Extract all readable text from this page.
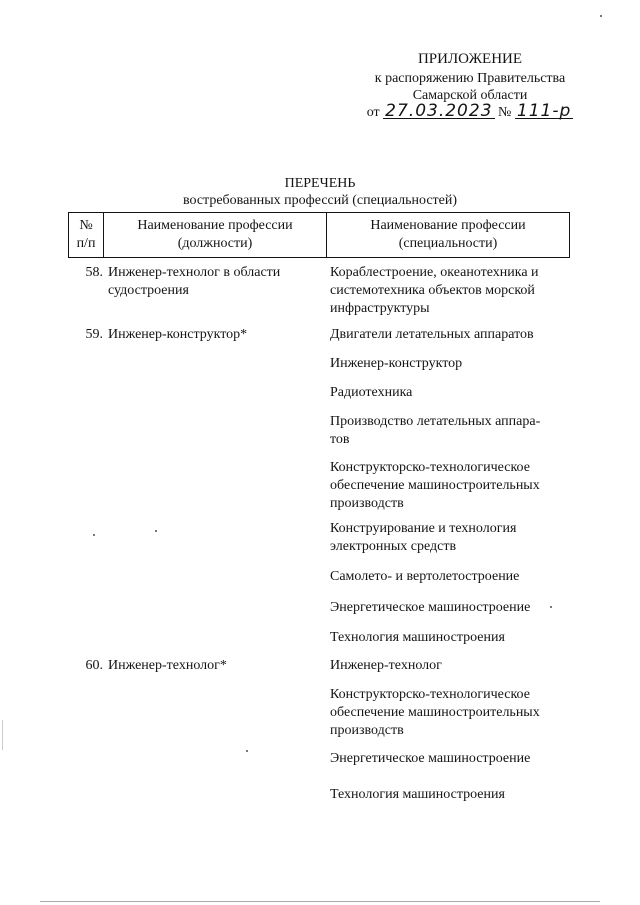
ПРИЛОЖЕНИЕ
к распоряжению Правительства
Самарской области
от 27.03.2023 № 111-р
ПЕРЕЧЕНЬ
востребованных профессий (специальностей)
№
п/п
Наименование профессии
(должности)
Наименование профессии
(специальности)
58. Инженер-технолог в области
судостроения
Кораблестроение, океанотехника и
системотехника объектов морской
инфраструктуры
59. Инженер-конструктор*	Двигатели летательных аппаратов
Инженер-конструктор
Радиотехника
Производство летательных аппара-
тов
Конструкторско-технологическое
обеспечение машиностроительных
производств
Конструирование и технология
электронных средств
Самолето- и вертолетостроение
Энергетическое машиностроение
Технология машиностроения
60. Инженер-технолог*	Инженер-технолог
Конструкторско-технологическое
обеспечение машиностроительных
производств
Энергетическое машиностроение
Технология машиностроения
